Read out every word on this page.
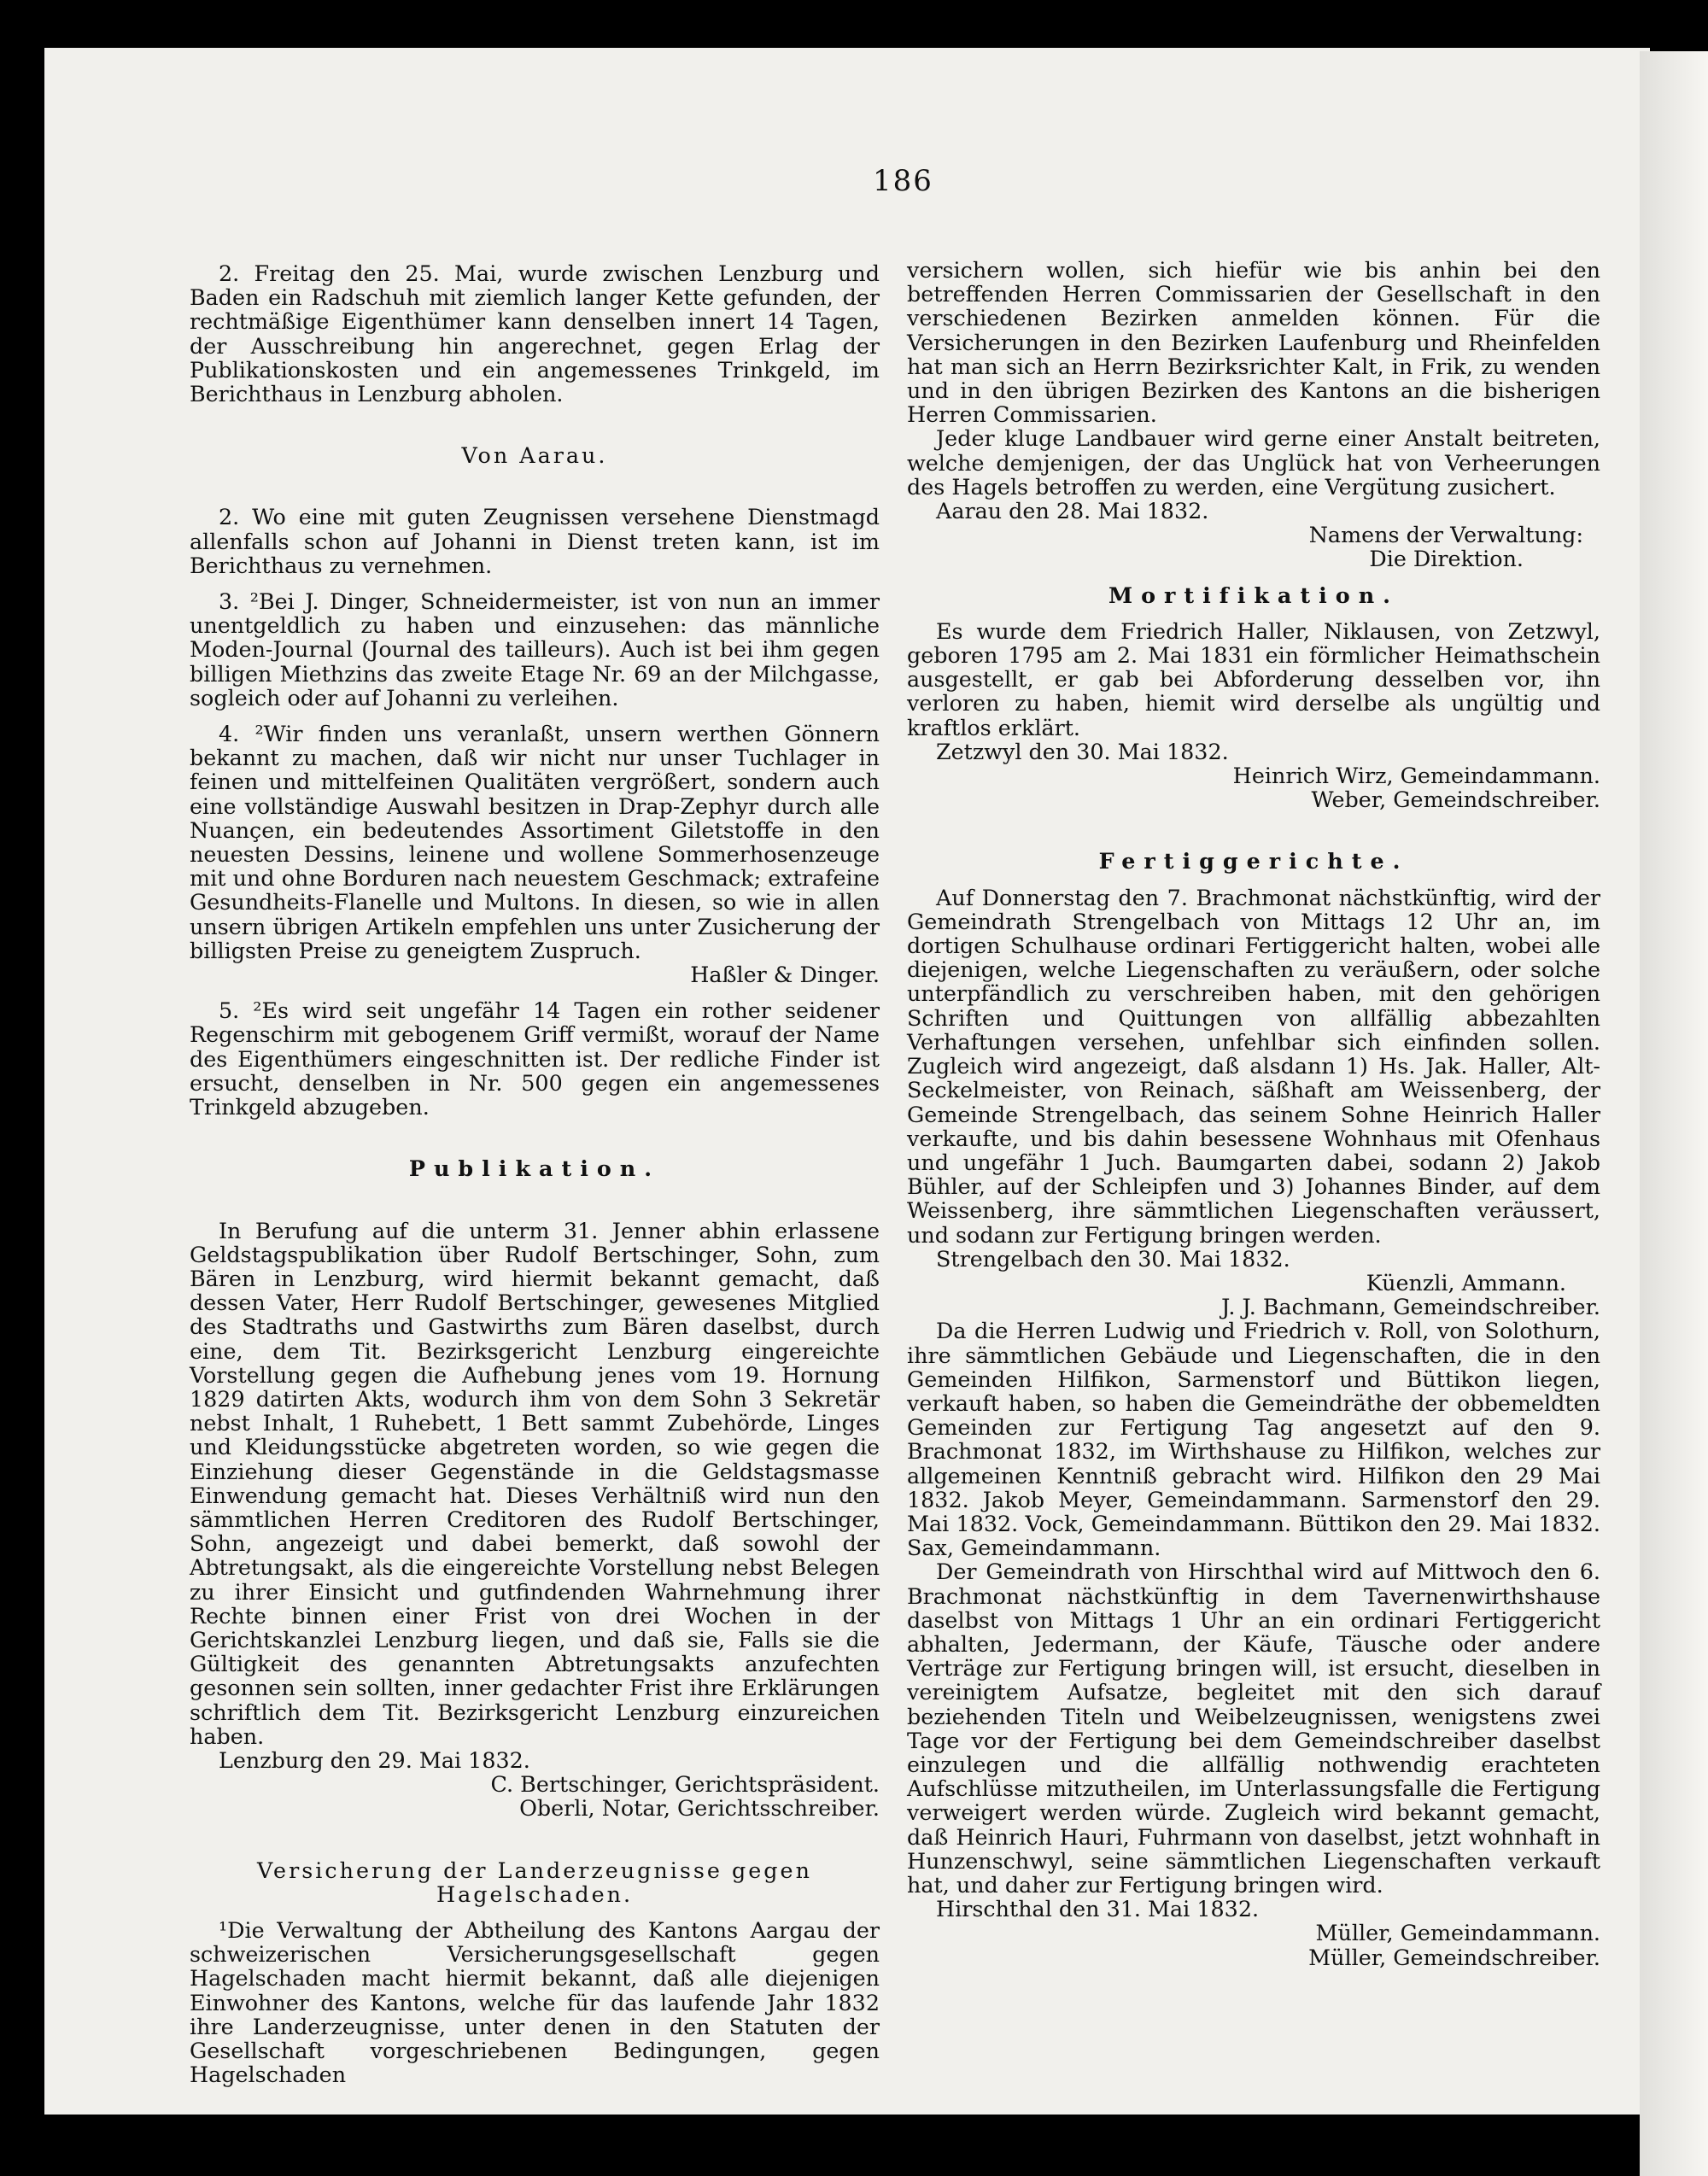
186

2. Freitag den 25. Mai, wurde zwischen Lenzburg und Baden ein Radschuh mit ziemlich langer Kette gefunden, der rechtmäßige Eigenthümer kann denselben innert 14 Tagen, der Ausschreibung hin angerechnet, gegen Erlag der Publikationskosten und ein angemessenes Trinkgeld, im Berichthaus in Lenzburg abholen.

Von Aarau.

2. Wo eine mit guten Zeugnissen versehene Dienstmagd allenfalls schon auf Johanni in Dienst treten kann, ist im Berichthaus zu vernehmen.

3. ²Bei J. Dinger, Schneidermeister, ist von nun an immer unentgeldlich zu haben und einzusehen: das männliche Moden-Journal (Journal des tailleurs). Auch ist bei ihm gegen billigen Miethzins das zweite Etage Nr. 69 an der Milchgasse, sogleich oder auf Johanni zu verleihen.

4. ²Wir finden uns veranlaßt, unsern werthen Gönnern bekannt zu machen, daß wir nicht nur unser Tuchlager in feinen und mittelfeinen Qualitäten vergrößert, sondern auch eine vollständige Auswahl besitzen in Drap-Zephyr durch alle Nuançen, ein bedeutendes Assortiment Giletstoffe in den neuesten Dessins, leinene und wollene Sommerhosenzeuge mit und ohne Borduren nach neuestem Geschmack; extrafeine Gesundheits-Flanelle und Multons. In diesen, so wie in allen unsern übrigen Artikeln empfehlen uns unter Zusicherung der billigsten Preise zu geneigtem Zuspruch.

Haßler & Dinger.

5. ²Es wird seit ungefähr 14 Tagen ein rother seidener Regenschirm mit gebogenem Griff vermißt, worauf der Name des Eigenthümers eingeschnitten ist. Der redliche Finder ist ersucht, denselben in Nr. 500 gegen ein angemessenes Trinkgeld abzugeben.

Publikation.

In Berufung auf die unterm 31. Jenner abhin erlassene Geldstagspublikation über Rudolf Bertschinger, Sohn, zum Bären in Lenzburg, wird hiermit bekannt gemacht, daß dessen Vater, Herr Rudolf Bertschinger, gewesenes Mitglied des Stadtraths und Gastwirths zum Bären daselbst, durch eine, dem Tit. Bezirksgericht Lenzburg eingereichte Vorstellung gegen die Aufhebung jenes vom 19. Hornung 1829 datirten Akts, wodurch ihm von dem Sohn 3 Sekretär nebst Inhalt, 1 Ruhebett, 1 Bett sammt Zubehörde, Linges und Kleidungsstücke abgetreten worden, so wie gegen die Einziehung dieser Gegenstände in die Geldstagsmasse Einwendung gemacht hat. Dieses Verhältniß wird nun den sämmtlichen Herren Creditoren des Rudolf Bertschinger, Sohn, angezeigt und dabei bemerkt, daß sowohl der Abtretungsakt, als die eingereichte Vorstellung nebst Belegen zu ihrer Einsicht und gutfindenden Wahrnehmung ihrer Rechte binnen einer Frist von drei Wochen in der Gerichtskanzlei Lenzburg liegen, und daß sie, Falls sie die Gültigkeit des genannten Abtretungsakts anzufechten gesonnen sein sollten, inner gedachter Frist ihre Erklärungen schriftlich dem Tit. Bezirksgericht Lenzburg einzureichen haben.

Lenzburg den 29. Mai 1832.

C. Bertschinger, Gerichtspräsident.

Oberli, Notar, Gerichtsschreiber.

Versicherung der Landerzeugnisse gegen Hagelschaden.

¹Die Verwaltung der Abtheilung des Kantons Aargau der schweizerischen Versicherungsgesellschaft gegen Hagelschaden macht hiermit bekannt, daß alle diejenigen Einwohner des Kantons, welche für das laufende Jahr 1832 ihre Landerzeugnisse, unter denen in den Statuten der Gesellschaft vorgeschriebenen Bedingungen, gegen Hagelschaden

versichern wollen, sich hiefür wie bis anhin bei den betreffenden Herren Commissarien der Gesellschaft in den verschiedenen Bezirken anmelden können. Für die Versicherungen in den Bezirken Laufenburg und Rheinfelden hat man sich an Herrn Bezirksrichter Kalt, in Frik, zu wenden und in den übrigen Bezirken des Kantons an die bisherigen Herren Commissarien.

Jeder kluge Landbauer wird gerne einer Anstalt beitreten, welche demjenigen, der das Unglück hat von Verheerungen des Hagels betroffen zu werden, eine Vergütung zusichert.

Aarau den 28. Mai 1832.

Namens der Verwaltung:

Die Direktion.

Mortifikation.

Es wurde dem Friedrich Haller, Niklausen, von Zetzwyl, geboren 1795 am 2. Mai 1831 ein förmlicher Heimathschein ausgestellt, er gab bei Abforderung desselben vor, ihn verloren zu haben, hiemit wird derselbe als ungültig und kraftlos erklärt.

Zetzwyl den 30. Mai 1832.

Heinrich Wirz, Gemeindammann.

Weber, Gemeindschreiber.

Fertiggerichte.

Auf Donnerstag den 7. Brachmonat nächstkünftig, wird der Gemeindrath Strengelbach von Mittags 12 Uhr an, im dortigen Schulhause ordinari Fertiggericht halten, wobei alle diejenigen, welche Liegenschaften zu veräußern, oder solche unterpfändlich zu verschreiben haben, mit den gehörigen Schriften und Quittungen von allfällig abbezahlten Verhaftungen versehen, unfehlbar sich einfinden sollen. Zugleich wird angezeigt, daß alsdann 1) Hs. Jak. Haller, Alt-Seckelmeister, von Reinach, säßhaft am Weissenberg, der Gemeinde Strengelbach, das seinem Sohne Heinrich Haller verkaufte, und bis dahin besessene Wohnhaus mit Ofenhaus und ungefähr 1 Juch. Baumgarten dabei, sodann 2) Jakob Bühler, auf der Schleipfen und 3) Johannes Binder, auf dem Weissenberg, ihre sämmtlichen Liegenschaften veräussert, und sodann zur Fertigung bringen werden.

Strengelbach den 30. Mai 1832.

Küenzli, Ammann.

J. J. Bachmann, Gemeindschreiber.

Da die Herren Ludwig und Friedrich v. Roll, von Solothurn, ihre sämmtlichen Gebäude und Liegenschaften, die in den Gemeinden Hilfikon, Sarmenstorf und Büttikon liegen, verkauft haben, so haben die Gemeindräthe der obbemeldten Gemeinden zur Fertigung Tag angesetzt auf den 9. Brachmonat 1832, im Wirthshause zu Hilfikon, welches zur allgemeinen Kenntniß gebracht wird. Hilfikon den 29 Mai 1832. Jakob Meyer, Gemeindammann. Sarmenstorf den 29. Mai 1832. Vock, Gemeindammann. Büttikon den 29. Mai 1832. Sax, Gemeindammann.

Der Gemeindrath von Hirschthal wird auf Mittwoch den 6. Brachmonat nächstkünftig in dem Tavernenwirthshause daselbst von Mittags 1 Uhr an ein ordinari Fertiggericht abhalten, Jedermann, der Käufe, Täusche oder andere Verträge zur Fertigung bringen will, ist ersucht, dieselben in vereinigtem Aufsatze, begleitet mit den sich darauf beziehenden Titeln und Weibelzeugnissen, wenigstens zwei Tage vor der Fertigung bei dem Gemeindschreiber daselbst einzulegen und die allfällig nothwendig erachteten Aufschlüsse mitzutheilen, im Unterlassungsfalle die Fertigung verweigert werden würde. Zugleich wird bekannt gemacht, daß Heinrich Hauri, Fuhrmann von daselbst, jetzt wohnhaft in Hunzenschwyl, seine sämmtlichen Liegenschaften verkauft hat, und daher zur Fertigung bringen wird.

Hirschthal den 31. Mai 1832.

Müller, Gemeindammann.

Müller, Gemeindschreiber.
